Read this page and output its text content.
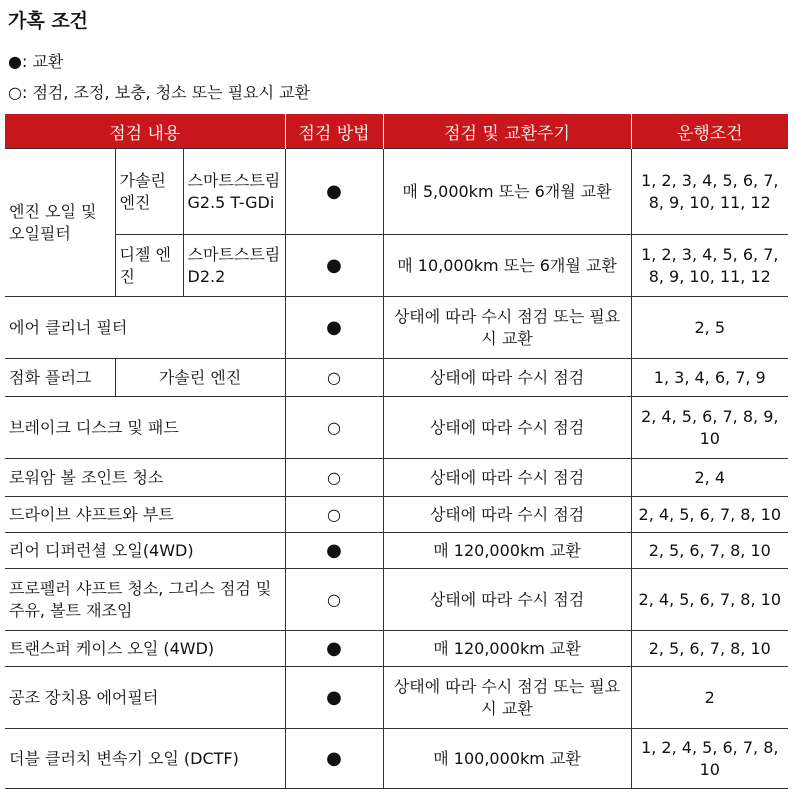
가혹 조건
●: 교환
○: 점검, 조정, 보충, 청소 또는 필요시 교환
점검 내용			점검 방법	점검 및 교환주기	운행조건
엔진 오일 및 오일필터	가솔린 엔진	스마트스트림 G2.5 T-GDi	●	매 5,000km 또는 6개월 교환	1, 2, 3, 4, 5, 6, 7, 8, 9, 10, 11, 12
	디젤 엔진	스마트스트림 D2.2	●	매 10,000km 또는 6개월 교환	1, 2, 3, 4, 5, 6, 7, 8, 9, 10, 11, 12
에어 클리너 필터			●	상태에 따라 수시 점검 또는 필요시 교환	2, 5
점화 플러그	가솔린 엔진		○	상태에 따라 수시 점검	1, 3, 4, 6, 7, 9
브레이크 디스크 및 패드			○	상태에 따라 수시 점검	2, 4, 5, 6, 7, 8, 9, 10
로워암 볼 조인트 청소			○	상태에 따라 수시 점검	2, 4
드라이브 샤프트와 부트			○	상태에 따라 수시 점검	2, 4, 5, 6, 7, 8, 10
리어 디퍼런셜 오일(4WD)			●	매 120,000km 교환	2, 5, 6, 7, 8, 10
프로펠러 샤프트 청소, 그리스 점검 및 주유, 볼트 재조임			○	상태에 따라 수시 점검	2, 4, 5, 6, 7, 8, 10
트랜스퍼 케이스 오일 (4WD)			●	매 120,000km 교환	2, 5, 6, 7, 8, 10
공조 장치용 에어필터			●	상태에 따라 수시 점검 또는 필요시 교환	2
더블 클러치 변속기 오일 (DCTF)			●	매 100,000km 교환	1, 2, 4, 5, 6, 7, 8, 10
